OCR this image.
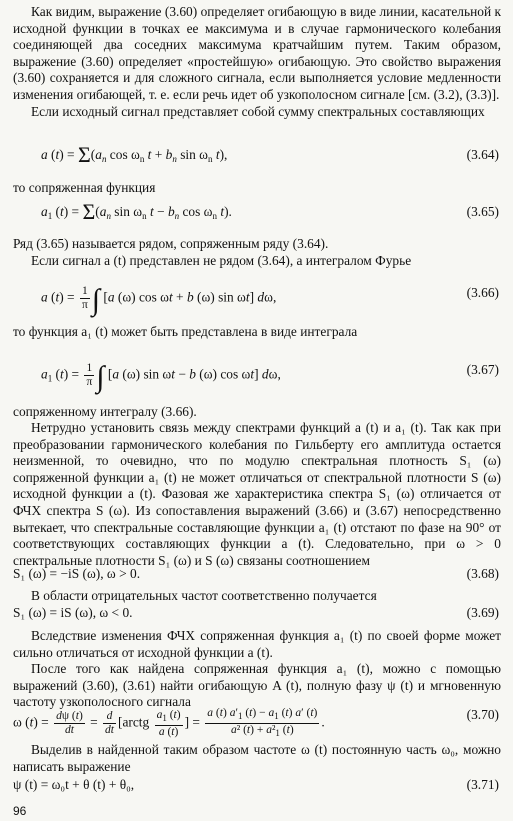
Как видим, выражение (3.60) определяет огибающую в виде линии, касательной к исходной функции в точках ее максимума и в случае гармонического колебания соединяющей два соседних максимума кратчайшим путем. Таким образом, выражение (3.60) определяет «простейшую» огибающую. Это свойство выражения (3.60) сохраняется и для сложного сигнала, если выполняется условие медленности изменения огибающей, т. е. если речь идет об узкополосном сигнале [см. (3.2), (3.3)].

Если исходный сигнал представляет собой сумму спектральных составляющих

a $(t) = \Sigma(a_n$ $\cos \omega_n$ $t + b_n$ $\sin \omega_n$ t),	(3.64)

то сопряженная функция

$a_1$ $(t) = \Sigma(a_n$ $\sin \omega_n$ $t - b_n$ $\cos \omega_n$ t).	(3.65)

Ряд (3.65) называется рядом, сопряженным ряду (3.64).

Если сигнал a (t) представлен не рядом (3.64), а интегралом Фурье

a $(t) = \frac{1}{\pi}$ ∫ [a (ω) cos ωt + b (ω) sin ωt] dω,	(3.66)

то функция a₁ (t) может быть представлена в виде интеграла

$a_1$ $(t) = \frac{1}{\pi}$ ∫ [a (ω) sin ωt − b (ω) cos ωt] dω,	(3.67)

сопряженному интегралу (3.66).

Нетрудно установить связь между спектрами функций a (t) и a₁ (t). Так как при преобразовании гармонического колебания по Гильберту его амплитуда остается неизменной, то очевидно, что по модулю спектральная плотность S₁ (ω) сопряженной функции a₁ (t) не может отличаться от спектральной плотности S (ω) исходной функции a (t). Фазовая же характеристика спектра S₁ (ω) отличается от ФЧХ спектра S (ω). Из сопоставления выражений (3.66) и (3.67) непосредственно вытекает, что спектральные составляющие функции a₁ (t) отстают по фазе на 90° от соответствующих составляющих функции a (t). Следовательно, при ω > 0 спектральные плотности S₁ (ω) и S (ω) связаны соотношением

S₁ (ω) = −iS (ω), ω > 0.	(3.68)

В области отрицательных частот соответственно получается

S₁ (ω) = iS (ω), ω < 0.	(3.69)

Вследствие изменения ФЧХ сопряженная функция a₁ (t) по своей форме может сильно отличаться от исходной функции a (t).

После того как найдена сопряженная функция a₁ (t), можно с помощью выражений (3.60), (3.61) найти огибающую A (t), полную фазу ψ (t) и мгновенную частоту узкополосного сигнала

ω $(t) = \frac{d\psi (t)}{dt} = \frac{d}{dt}$ [arctg $\frac{a_1 (t)}{a (t)}$ ] = $\frac{a (t) a'_1 (t) - a_1 (t) a' (t)}{a^2 (t) + a^2_1 (t)}$ .
(3.70)

Выделив в найденной таким образом частоте ω (t) постоянную часть ω₀, можно написать выражение

ψ (t) = ω₀t + θ (t) + θ₀,	(3.71)
96
